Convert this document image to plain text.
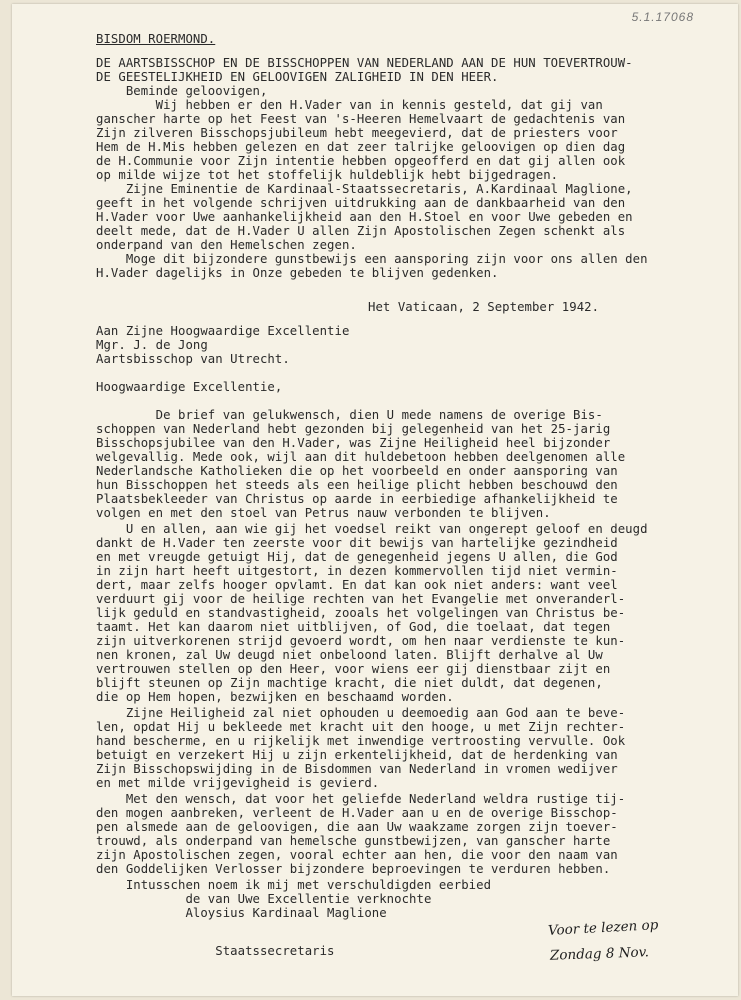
5.1.17068
BISDOM ROERMOND.
DE AARTSBISSCHOP EN DE BISSCHOPPEN VAN NEDERLAND AAN DE HUN TOEVERTROUW-
DE GEESTELIJKHEID EN GELOOVIGEN ZALIGHEID IN DEN HEER.
Beminde geloovigen,
Wij hebben er den H.Vader van in kennis gesteld, dat gij van
ganscher harte op het Feest van 's-Heeren Hemelvaart de gedachtenis van
Zijn zilveren Bisschopsjubileum hebt meegevierd, dat de priesters voor
Hem de H.Mis hebben gelezen en dat zeer talrijke geloovigen op dien dag
de H.Communie voor Zijn intentie hebben opgeofferd en dat gij allen ook
op milde wijze tot het stoffelijk huldeblijk hebt bijgedragen.
Zijne Eminentie de Kardinaal-Staatssecretaris, A.Kardinaal Maglione,
geeft in het volgende schrijven uitdrukking aan de dankbaarheid van den
H.Vader voor Uwe aanhankelijkheid aan den H.Stoel en voor Uwe gebeden en
deelt mede, dat de H.Vader U allen Zijn Apostolischen Zegen schenkt als
onderpand van den Hemelschen zegen.
Moge dit bijzondere gunstbewijs een aansporing zijn voor ons allen den
H.Vader dagelijks in Onze gebeden te blijven gedenken.
Het Vaticaan, 2 September 1942.
Aan Zijne Hoogwaardige Excellentie
Mgr. J. de Jong
Aartsbisschop van Utrecht.
Hoogwaardige Excellentie,
De brief van gelukwensch, dien U mede namens de overige Bis-
schoppen van Nederland hebt gezonden bij gelegenheid van het 25-jarig
Bisschopsjubilee van den H.Vader, was Zijne Heiligheid heel bijzonder
welgevallig. Mede ook, wijl aan dit huldebetoon hebben deelgenomen alle
Nederlandsche Katholieken die op het voorbeeld en onder aansporing van
hun Bisschoppen het steeds als een heilige plicht hebben beschouwd den
Plaatsbekleeder van Christus op aarde in eerbiedige afhankelijkheid te
volgen en met den stoel van Petrus nauw verbonden te blijven.
U en allen, aan wie gij het voedsel reikt van ongerept geloof en deugd
dankt de H.Vader ten zeerste voor dit bewijs van hartelijke gezindheid
en met vreugde getuigt Hij, dat de genegenheid jegens U allen, die God
in zijn hart heeft uitgestort, in dezen kommervollen tijd niet vermin-
dert, maar zelfs hooger opvlamt. En dat kan ook niet anders: want veel
verduurt gij voor de heilige rechten van het Evangelie met onveranderl-
lijk geduld en standvastigheid, zooals het volgelingen van Christus be-
taamt. Het kan daarom niet uitblijven, of God, die toelaat, dat tegen
zijn uitverkorenen strijd gevoerd wordt, om hen naar verdienste te kun-
nen kronen, zal Uw deugd niet onbeloond laten. Blijft derhalve al Uw
vertrouwen stellen op den Heer, voor wiens eer gij dienstbaar zijt en
blijft steunen op Zijn machtige kracht, die niet duldt, dat degenen,
die op Hem hopen, bezwijken en beschaamd worden.
Zijne Heiligheid zal niet ophouden u deemoedig aan God aan te beve-
len, opdat Hij u bekleede met kracht uit den hooge, u met Zijn rechter-
hand bescherme, en u rijkelijk met inwendige vertroosting vervulle. Ook
betuigt en verzekert Hij u zijn erkentelijkheid, dat de herdenking van
Zijn Bisschopswijding in de Bisdommen van Nederland in vromen wedijver
en met milde vrijgevigheid is gevierd.
Met den wensch, dat voor het geliefde Nederland weldra rustige tij-
den mogen aanbreken, verleent de H.Vader aan u en de overige Bisschop-
pen alsmede aan de geloovigen, die aan Uw waakzame zorgen zijn toever-
trouwd, als onderpand van hemelsche gunstbewijzen, van ganscher harte
zijn Apostolischen zegen, vooral echter aan hen, die voor den naam van
den Goddelijken Verlosser bijzondere beproevingen te verduren hebben.
Intusschen noem ik mij met verschuldigden eerbied
de van Uwe Excellentie verknochte
Aloysius Kardinaal Maglione
Staatssecretaris
Voor te lezen op
Zondag 8 Nov.
